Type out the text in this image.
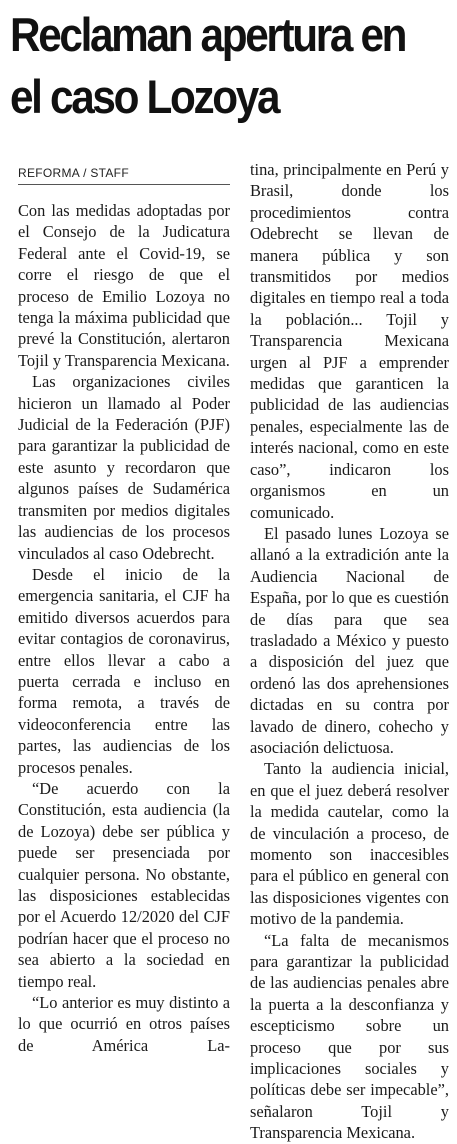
Reclaman apertura en el caso Lozoya
REFORMA / STAFF

Con las medidas adoptadas por el Consejo de la Judicatura Federal ante el Covid-19, se corre el riesgo de que el proceso de Emilio Lozoya no tenga la máxima publicidad que prevé la Constitución, alertaron Tojil y Transparencia Mexicana.

Las organizaciones civiles hicieron un llamado al Poder Judicial de la Federación (PJF) para garantizar la publicidad de este asunto y recordaron que algunos países de Sudamérica transmiten por medios digitales las audiencias de los procesos vinculados al caso Odebrecht.

Desde el inicio de la emergencia sanitaria, el CJF ha emitido diversos acuerdos para evitar contagios de coronavirus, entre ellos llevar a cabo a puerta cerrada e incluso en forma remota, a través de videoconferencia entre las partes, las audiencias de los procesos penales.

“De acuerdo con la Constitución, esta audiencia (la de Lozoya) debe ser pública y puede ser presenciada por cualquier persona. No obstante, las disposiciones establecidas por el Acuerdo 12/2020 del CJF podrían hacer que el proceso no sea abierto a la sociedad en tiempo real.

“Lo anterior es muy distinto a lo que ocurrió en otros países de América La-

tina, principalmente en Perú y Brasil, donde los procedimientos contra Odebrecht se llevan de manera pública y son transmitidos por medios digitales en tiempo real a toda la población... Tojil y Transparencia Mexicana urgen al PJF a emprender medidas que garanticen la publicidad de las audiencias penales, especialmente las de interés nacional, como en este caso”, indicaron los organismos en un comunicado.

El pasado lunes Lozoya se allanó a la extradición ante la Audiencia Nacional de España, por lo que es cuestión de días para que sea trasladado a México y puesto a disposición del juez que ordenó las dos aprehensiones dictadas en su contra por lavado de dinero, cohecho y asociación delictuosa.

Tanto la audiencia inicial, en que el juez deberá resolver la medida cautelar, como la de vinculación a proceso, de momento son inaccesibles para el público en general con las disposiciones vigentes con motivo de la pandemia.

“La falta de mecanismos para garantizar la publicidad de las audiencias penales abre la puerta a la desconfianza y escepticismo sobre un proceso que por sus implicaciones sociales y políticas debe ser impecable”, señalaron Tojil y Transparencia Mexicana.
